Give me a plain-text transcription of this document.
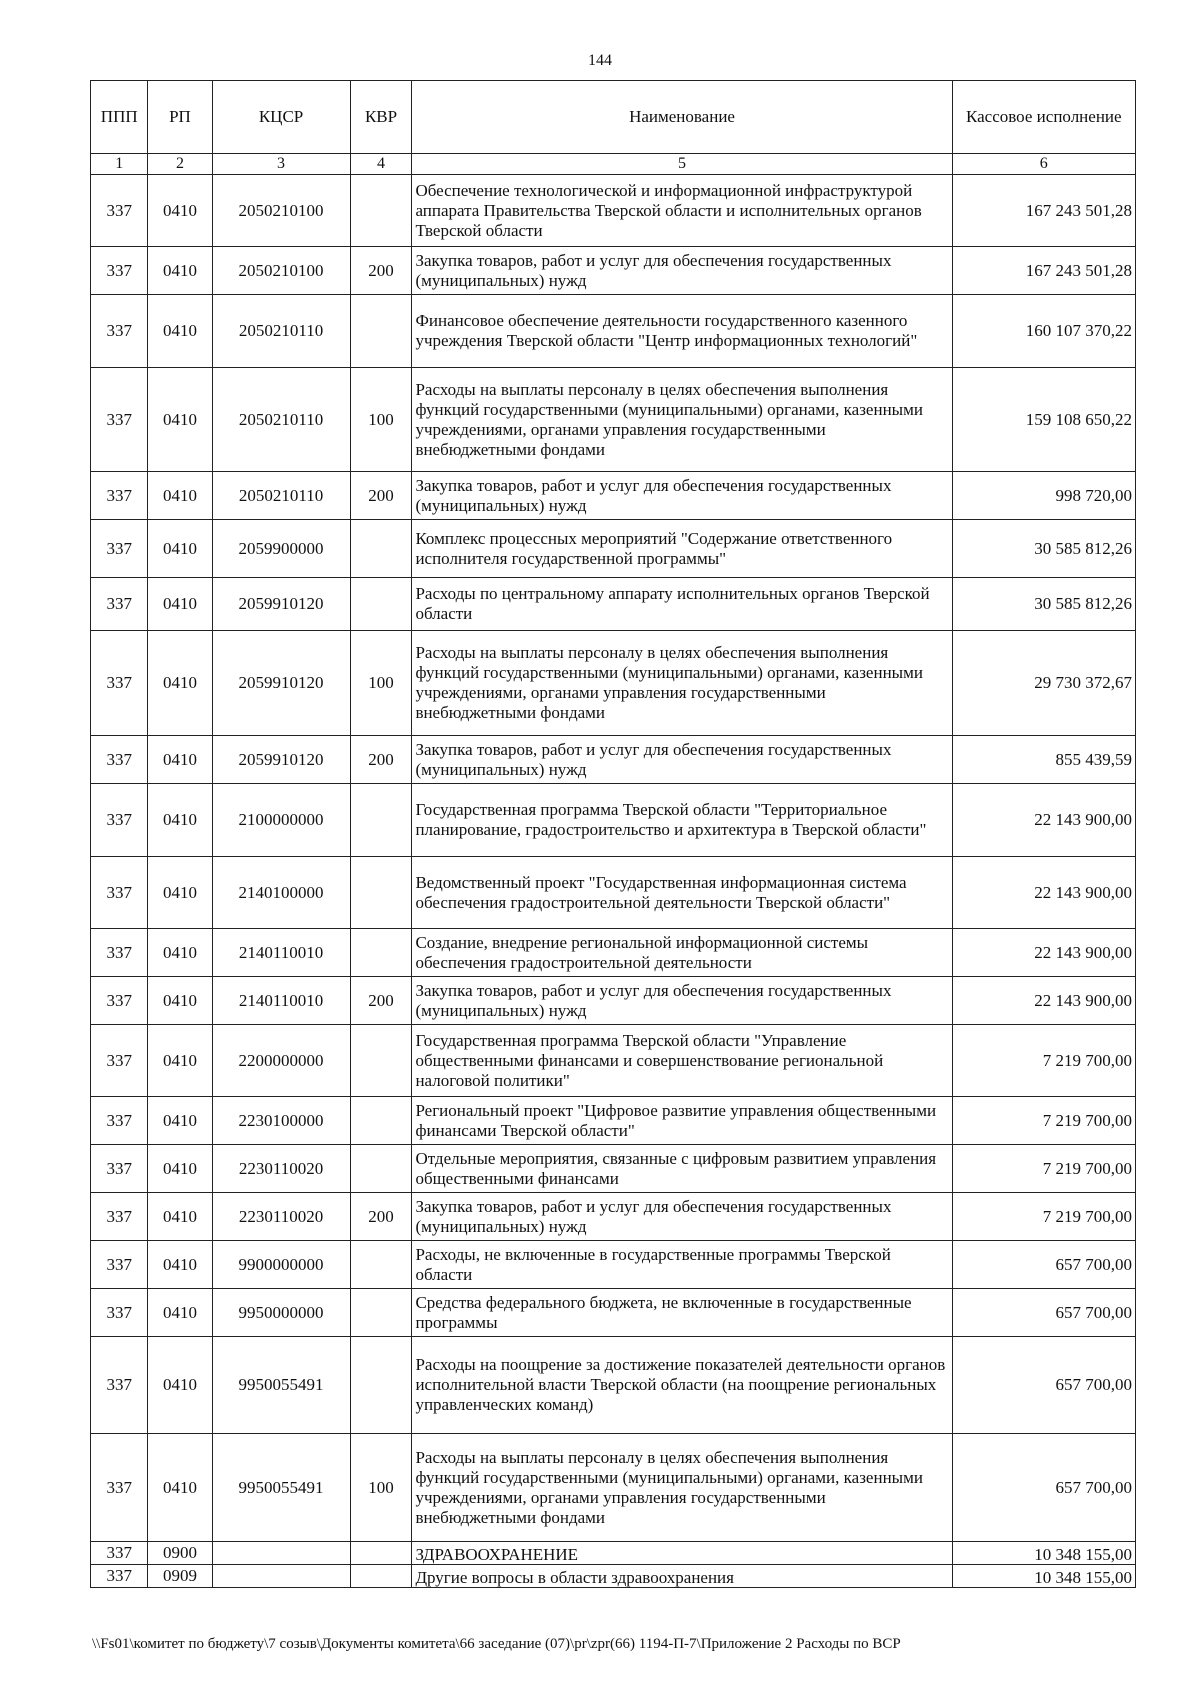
144
ППП	РП	КЦСР	КВР	Наименование	Кассовое исполнение
1	2	3	4	5	6
337	0410	2050210100		Обеспечение технологической и информационной инфраструктурой аппарата Правительства Тверской области и исполнительных органов Тверской области	167 243 501,28
337	0410	2050210100	200	Закупка товаров, работ и услуг для обеспечения государственных (муниципальных) нужд	167 243 501,28
337	0410	2050210110		Финансовое обеспечение деятельности государственного казенного учреждения Тверской области "Центр информационных технологий"	160 107 370,22
337	0410	2050210110	100	Расходы на выплаты персоналу в целях обеспечения выполнения функций государственными (муниципальными) органами, казенными учреждениями, органами управления государственными внебюджетными фондами	159 108 650,22
337	0410	2050210110	200	Закупка товаров, работ и услуг для обеспечения государственных (муниципальных) нужд	998 720,00
337	0410	2059900000		Комплекс процессных мероприятий "Содержание ответственного исполнителя государственной программы"	30 585 812,26
337	0410	2059910120		Расходы по центральному аппарату исполнительных органов Тверской области	30 585 812,26
337	0410	2059910120	100	Расходы на выплаты персоналу в целях обеспечения выполнения функций государственными (муниципальными) органами, казенными учреждениями, органами управления государственными внебюджетными фондами	29 730 372,67
337	0410	2059910120	200	Закупка товаров, работ и услуг для обеспечения государственных (муниципальных) нужд	855 439,59
337	0410	2100000000		Государственная программа Тверской области "Территориальное планирование, градостроительство и архитектура в Тверской области"	22 143 900,00
337	0410	2140100000		Ведомственный проект "Государственная информационная система обеспечения градостроительной деятельности Тверской области"	22 143 900,00
337	0410	2140110010		Создание, внедрение региональной информационной системы обеспечения градостроительной деятельности	22 143 900,00
337	0410	2140110010	200	Закупка товаров, работ и услуг для обеспечения государственных (муниципальных) нужд	22 143 900,00
337	0410	2200000000		Государственная программа Тверской области "Управление общественными финансами и совершенствование региональной налоговой политики"	7 219 700,00
337	0410	2230100000		Региональный проект "Цифровое развитие управления общественными финансами Тверской области"	7 219 700,00
337	0410	2230110020		Отдельные мероприятия, связанные с цифровым развитием управления общественными финансами	7 219 700,00
337	0410	2230110020	200	Закупка товаров, работ и услуг для обеспечения государственных (муниципальных) нужд	7 219 700,00
337	0410	9900000000		Расходы, не включенные в государственные программы Тверской области	657 700,00
337	0410	9950000000		Средства федерального бюджета, не включенные в государственные программы	657 700,00
337	0410	9950055491		Расходы на поощрение за достижение показателей деятельности органов исполнительной власти Тверской области (на поощрение региональных управленческих команд)	657 700,00
337	0410	9950055491	100	Расходы на выплаты персоналу в целях обеспечения выполнения функций государственными (муниципальными) органами, казенными учреждениями, органами управления государственными внебюджетными фондами	657 700,00
337	0900			ЗДРАВООХРАНЕНИЕ	10 348 155,00
337	0909			Другие вопросы в области здравоохранения	10 348 155,00
\\Fs01\комитет по бюджету\7 созыв\Документы комитета\66 заседание (07)\pr\zpr(66) 1194-П-7\Приложение 2 Расходы по ВСР
